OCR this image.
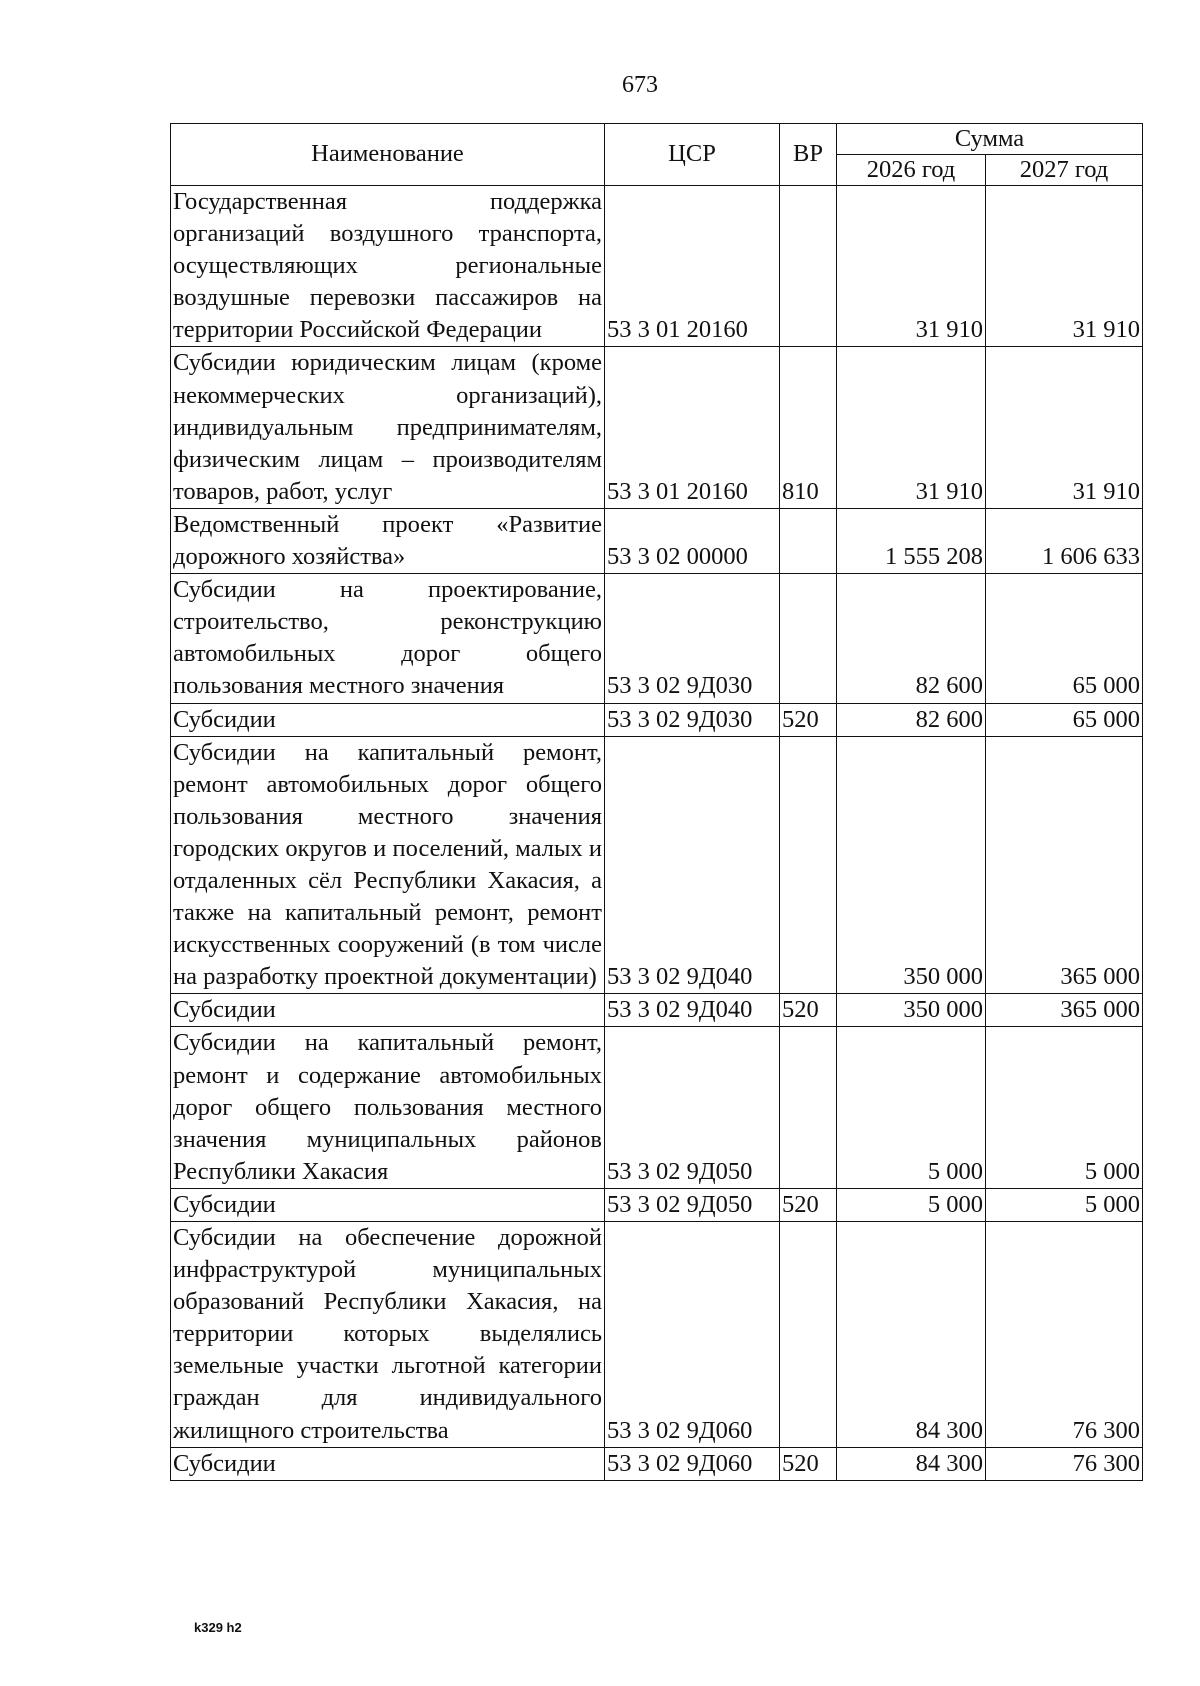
673
Наименование	ЦСР	ВР	Сумма	
			2026 год	2027 год
Государственная поддержка организаций воздушного транспорта, осуществляющих региональные воздушные перевозки пассажиров на территории Российской Федерации	53 3 01 20160		31 910	31 910
Субсидии юридическим лицам (кроме некоммерческих организаций), индивидуальным предпринимателям, физическим лицам – производителям товаров, работ, услуг	53 3 01 20160	810	31 910	31 910
Ведомственный проект «Развитие дорожного хозяйства»	53 3 02 00000		1 555 208	1 606 633
Субсидии на проектирование, строительство, реконструкцию автомобильных дорог общего пользования местного значения	53 3 02 9Д030		82 600	65 000
Субсидии	53 3 02 9Д030	520	82 600	65 000
Субсидии на капитальный ремонт, ремонт автомобильных дорог общего пользования местного значения городских округов и поселений, малых и отдаленных сёл Республики Хакасия, а также на капитальный ремонт, ремонт искусственных сооружений (в том числе на разработку проектной документации)	53 3 02 9Д040		350 000	365 000
Субсидии	53 3 02 9Д040	520	350 000	365 000
Субсидии на капитальный ремонт, ремонт и содержание автомобильных дорог общего пользования местного значения муниципальных районов Республики Хакасия	53 3 02 9Д050		5 000	5 000
Субсидии	53 3 02 9Д050	520	5 000	5 000
Субсидии на обеспечение дорожной инфраструктурой муниципальных образований Республики Хакасия, на территории которых выделялись земельные участки льготной категории граждан для индивидуального жилищного строительства	53 3 02 9Д060		84 300	76 300
Субсидии	53 3 02 9Д060	520	84 300	76 300
k329 h2
